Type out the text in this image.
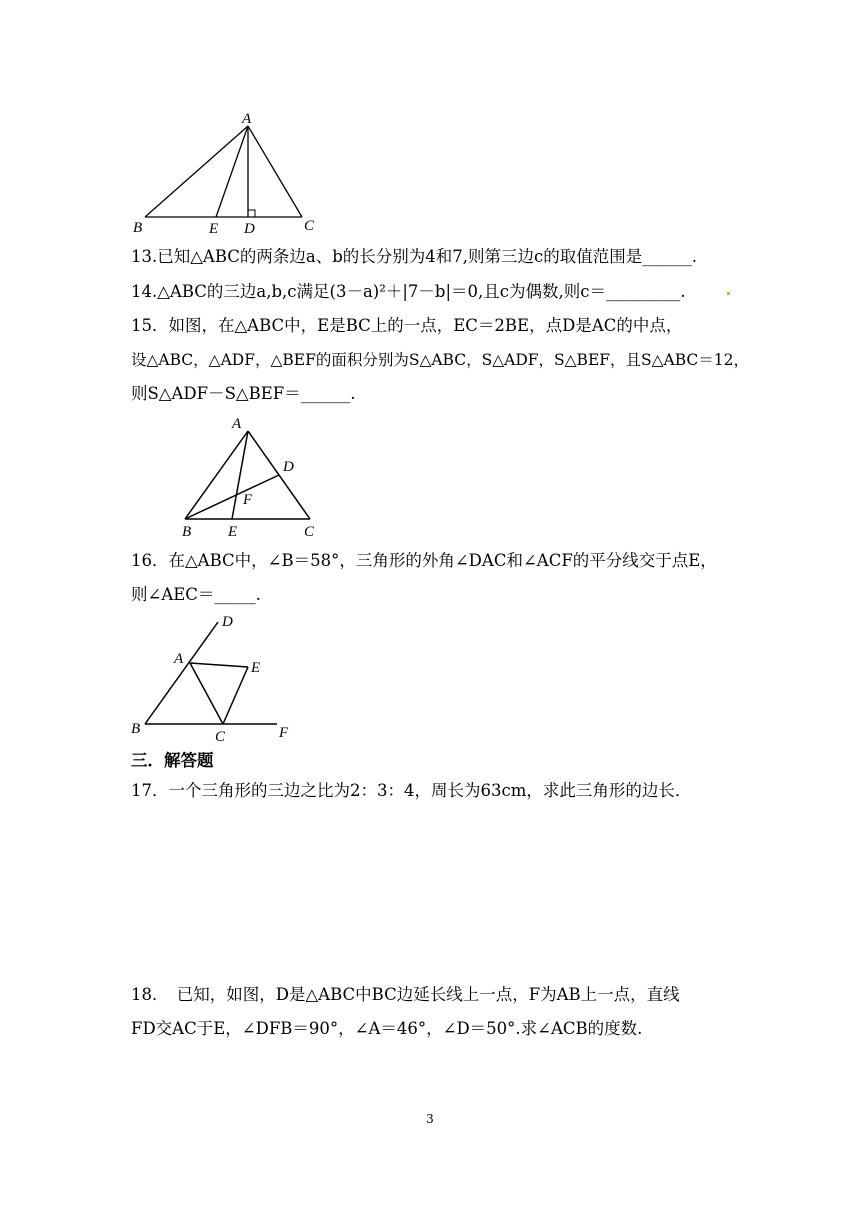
A
B	E D	C
13.已知△ABC的两条边a、b的长分别为4和7,则第三边c的取值范围是______.
14.△ABC的三边a,b,c满足(3－a)²＋|7－b|＝0,且c为偶数,则c＝_________.
15．如图，在△ABC中，E是BC上的一点，EC＝2BE，点D是AC的中点，
设△ABC，△ADF，△BEF的面积分别为S△ABC，S△ADF，S△BEF，且S△ABC＝12，
则S△ADF－S△BEF＝______.
A
D
F
B E	C
16．在△ABC中，∠B＝58°，三角形的外角∠DAC和∠ACF的平分线交于点E，
则∠AEC＝_____.
D
A
E
B	C	F
三．解答题
17．一个三角形的三边之比为2：3：4，周长为63cm，求此三角形的边长．
18．　已知，如图，D是△ABC中BC边延长线上一点，F为AB上一点，直线
FD交AC于E，∠DFB＝90°，∠A＝46°，∠D＝50°.求∠ACB的度数.
3
